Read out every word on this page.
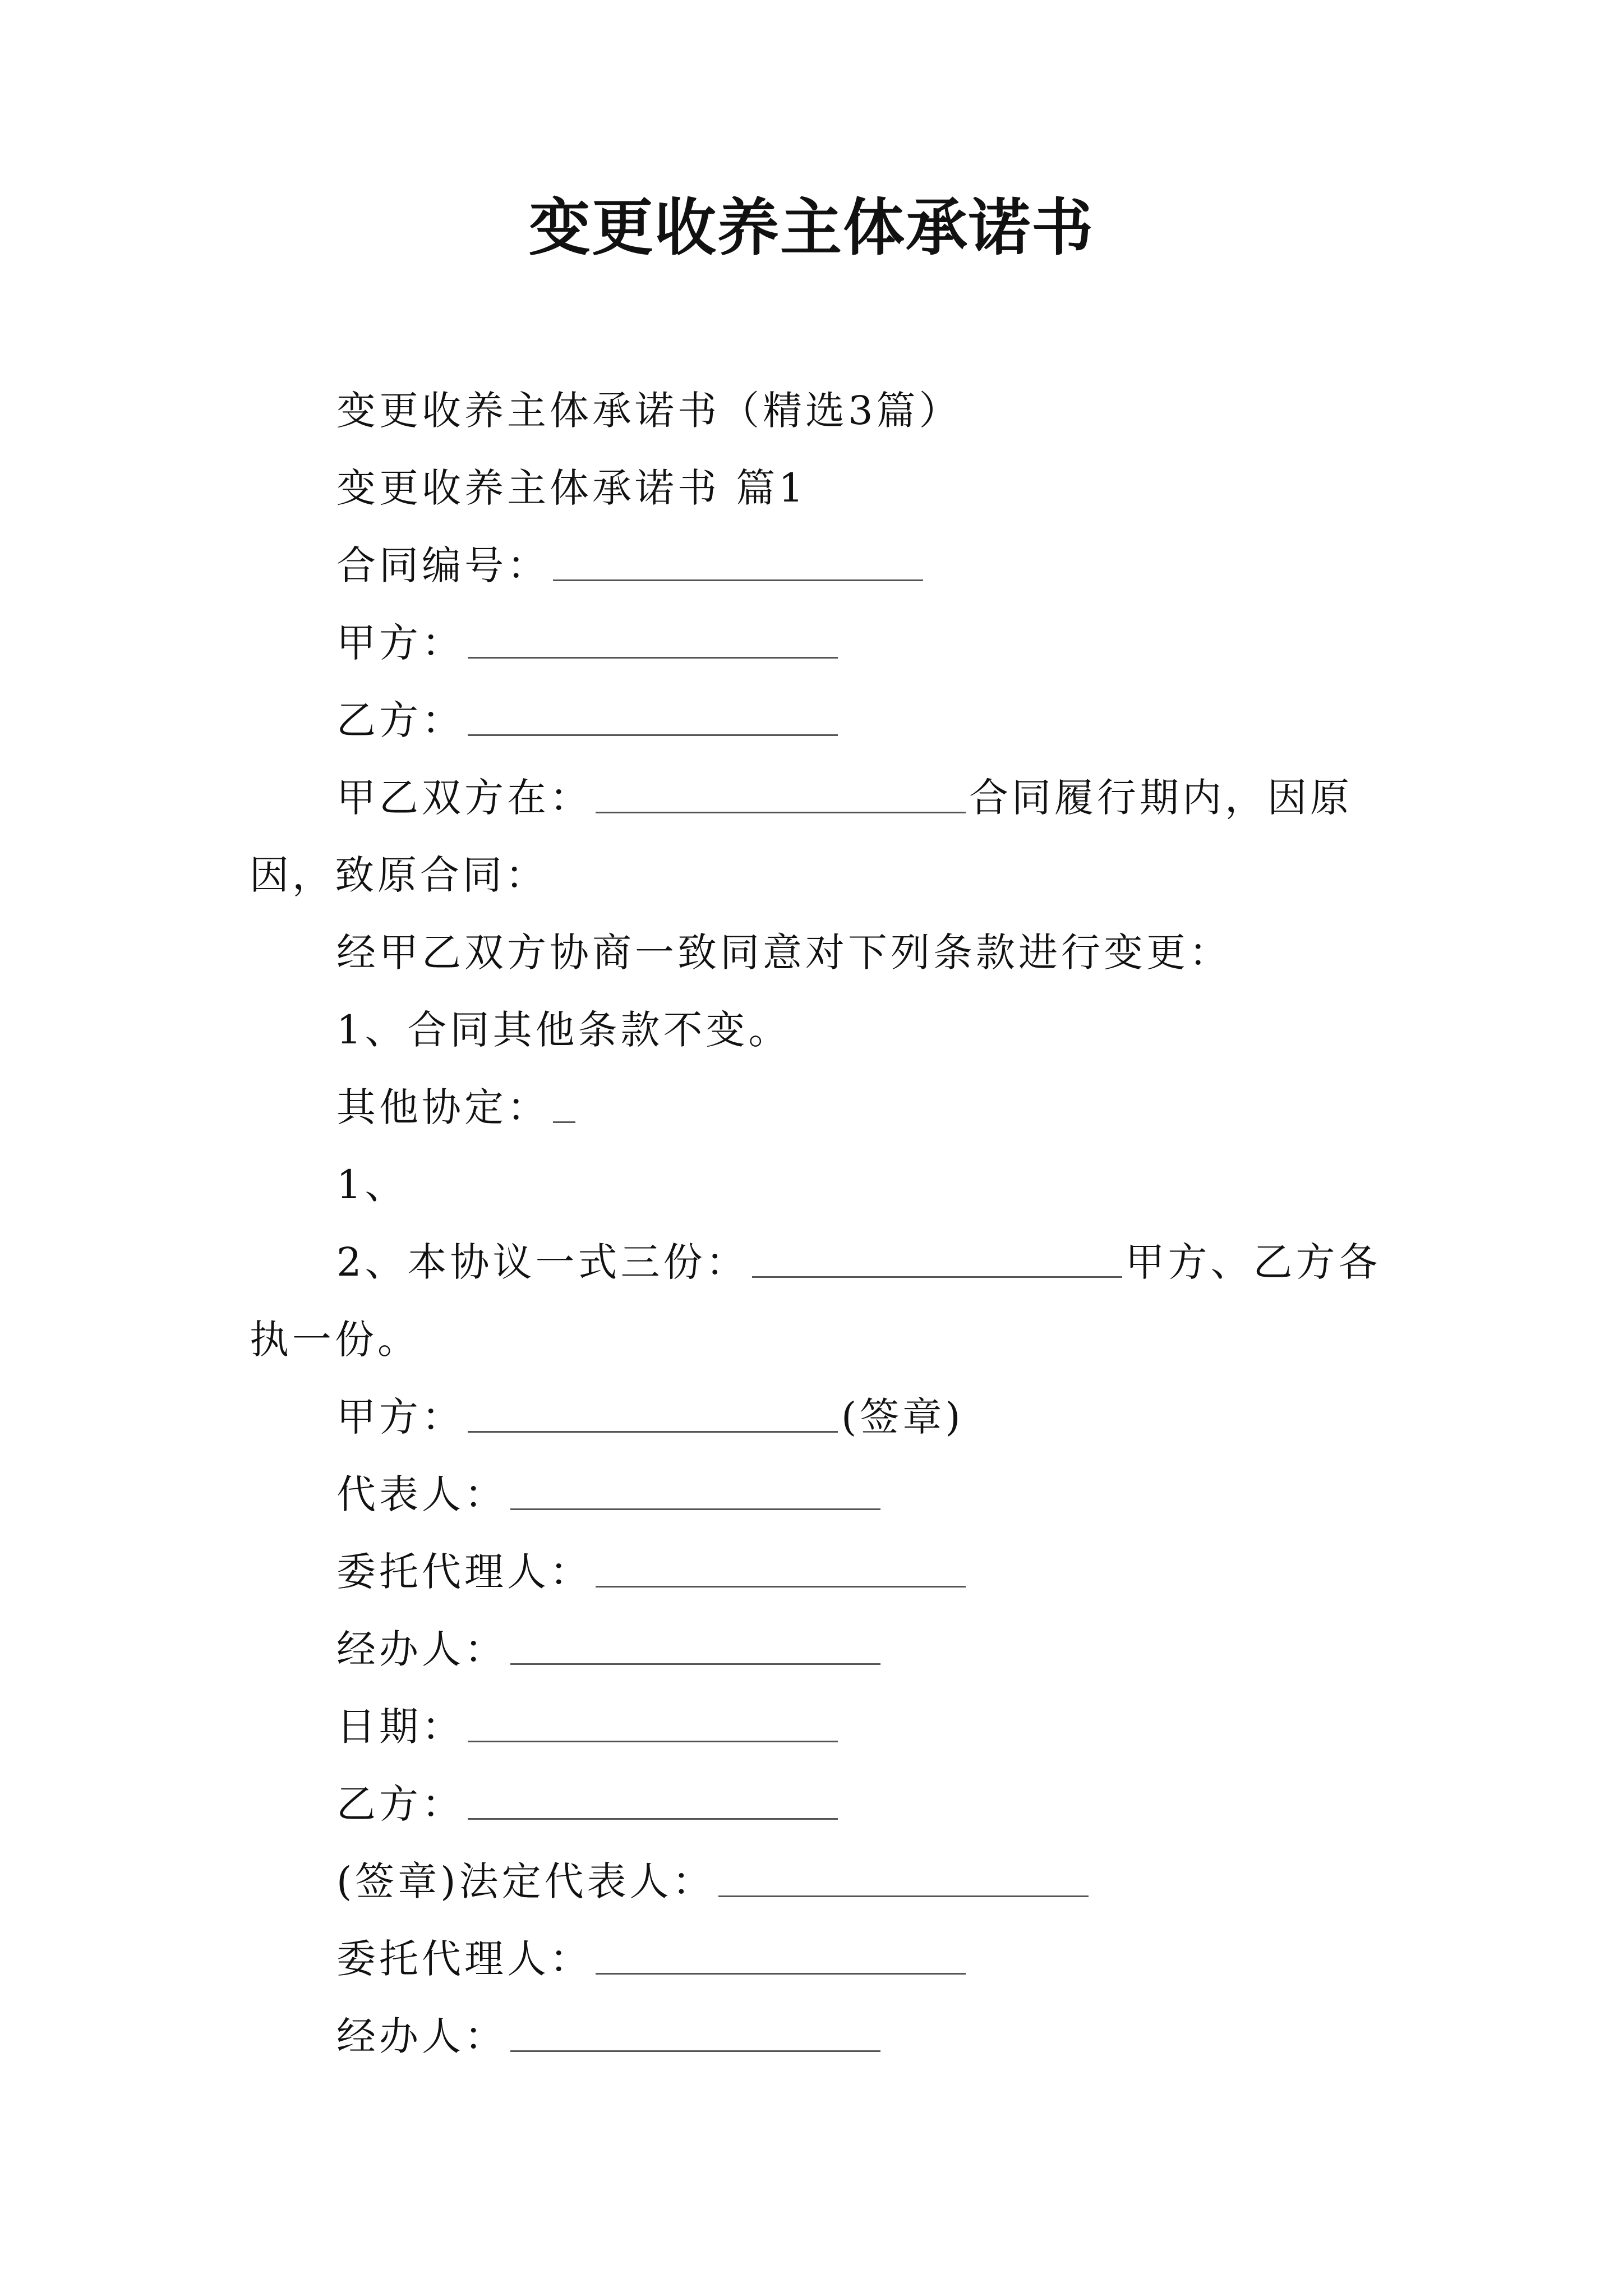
变更收养主体承诺书
变更收养主体承诺书（精选3篇）
变更收养主体承诺书 篇1
合同编号：
甲方：
乙方：
甲乙双方在：	合同履行期内，因原
因，致原合同：
经甲乙双方协商一致同意对下列条款进行变更：
1、合同其他条款不变。
其他协定：
1、
2、本协议一式三份：	甲方、乙方各
执一份。
甲方：	(签章)
代表人：
委托代理人：
经办人：
日期：
乙方：
(签章)法定代表人：
委托代理人：
经办人：
